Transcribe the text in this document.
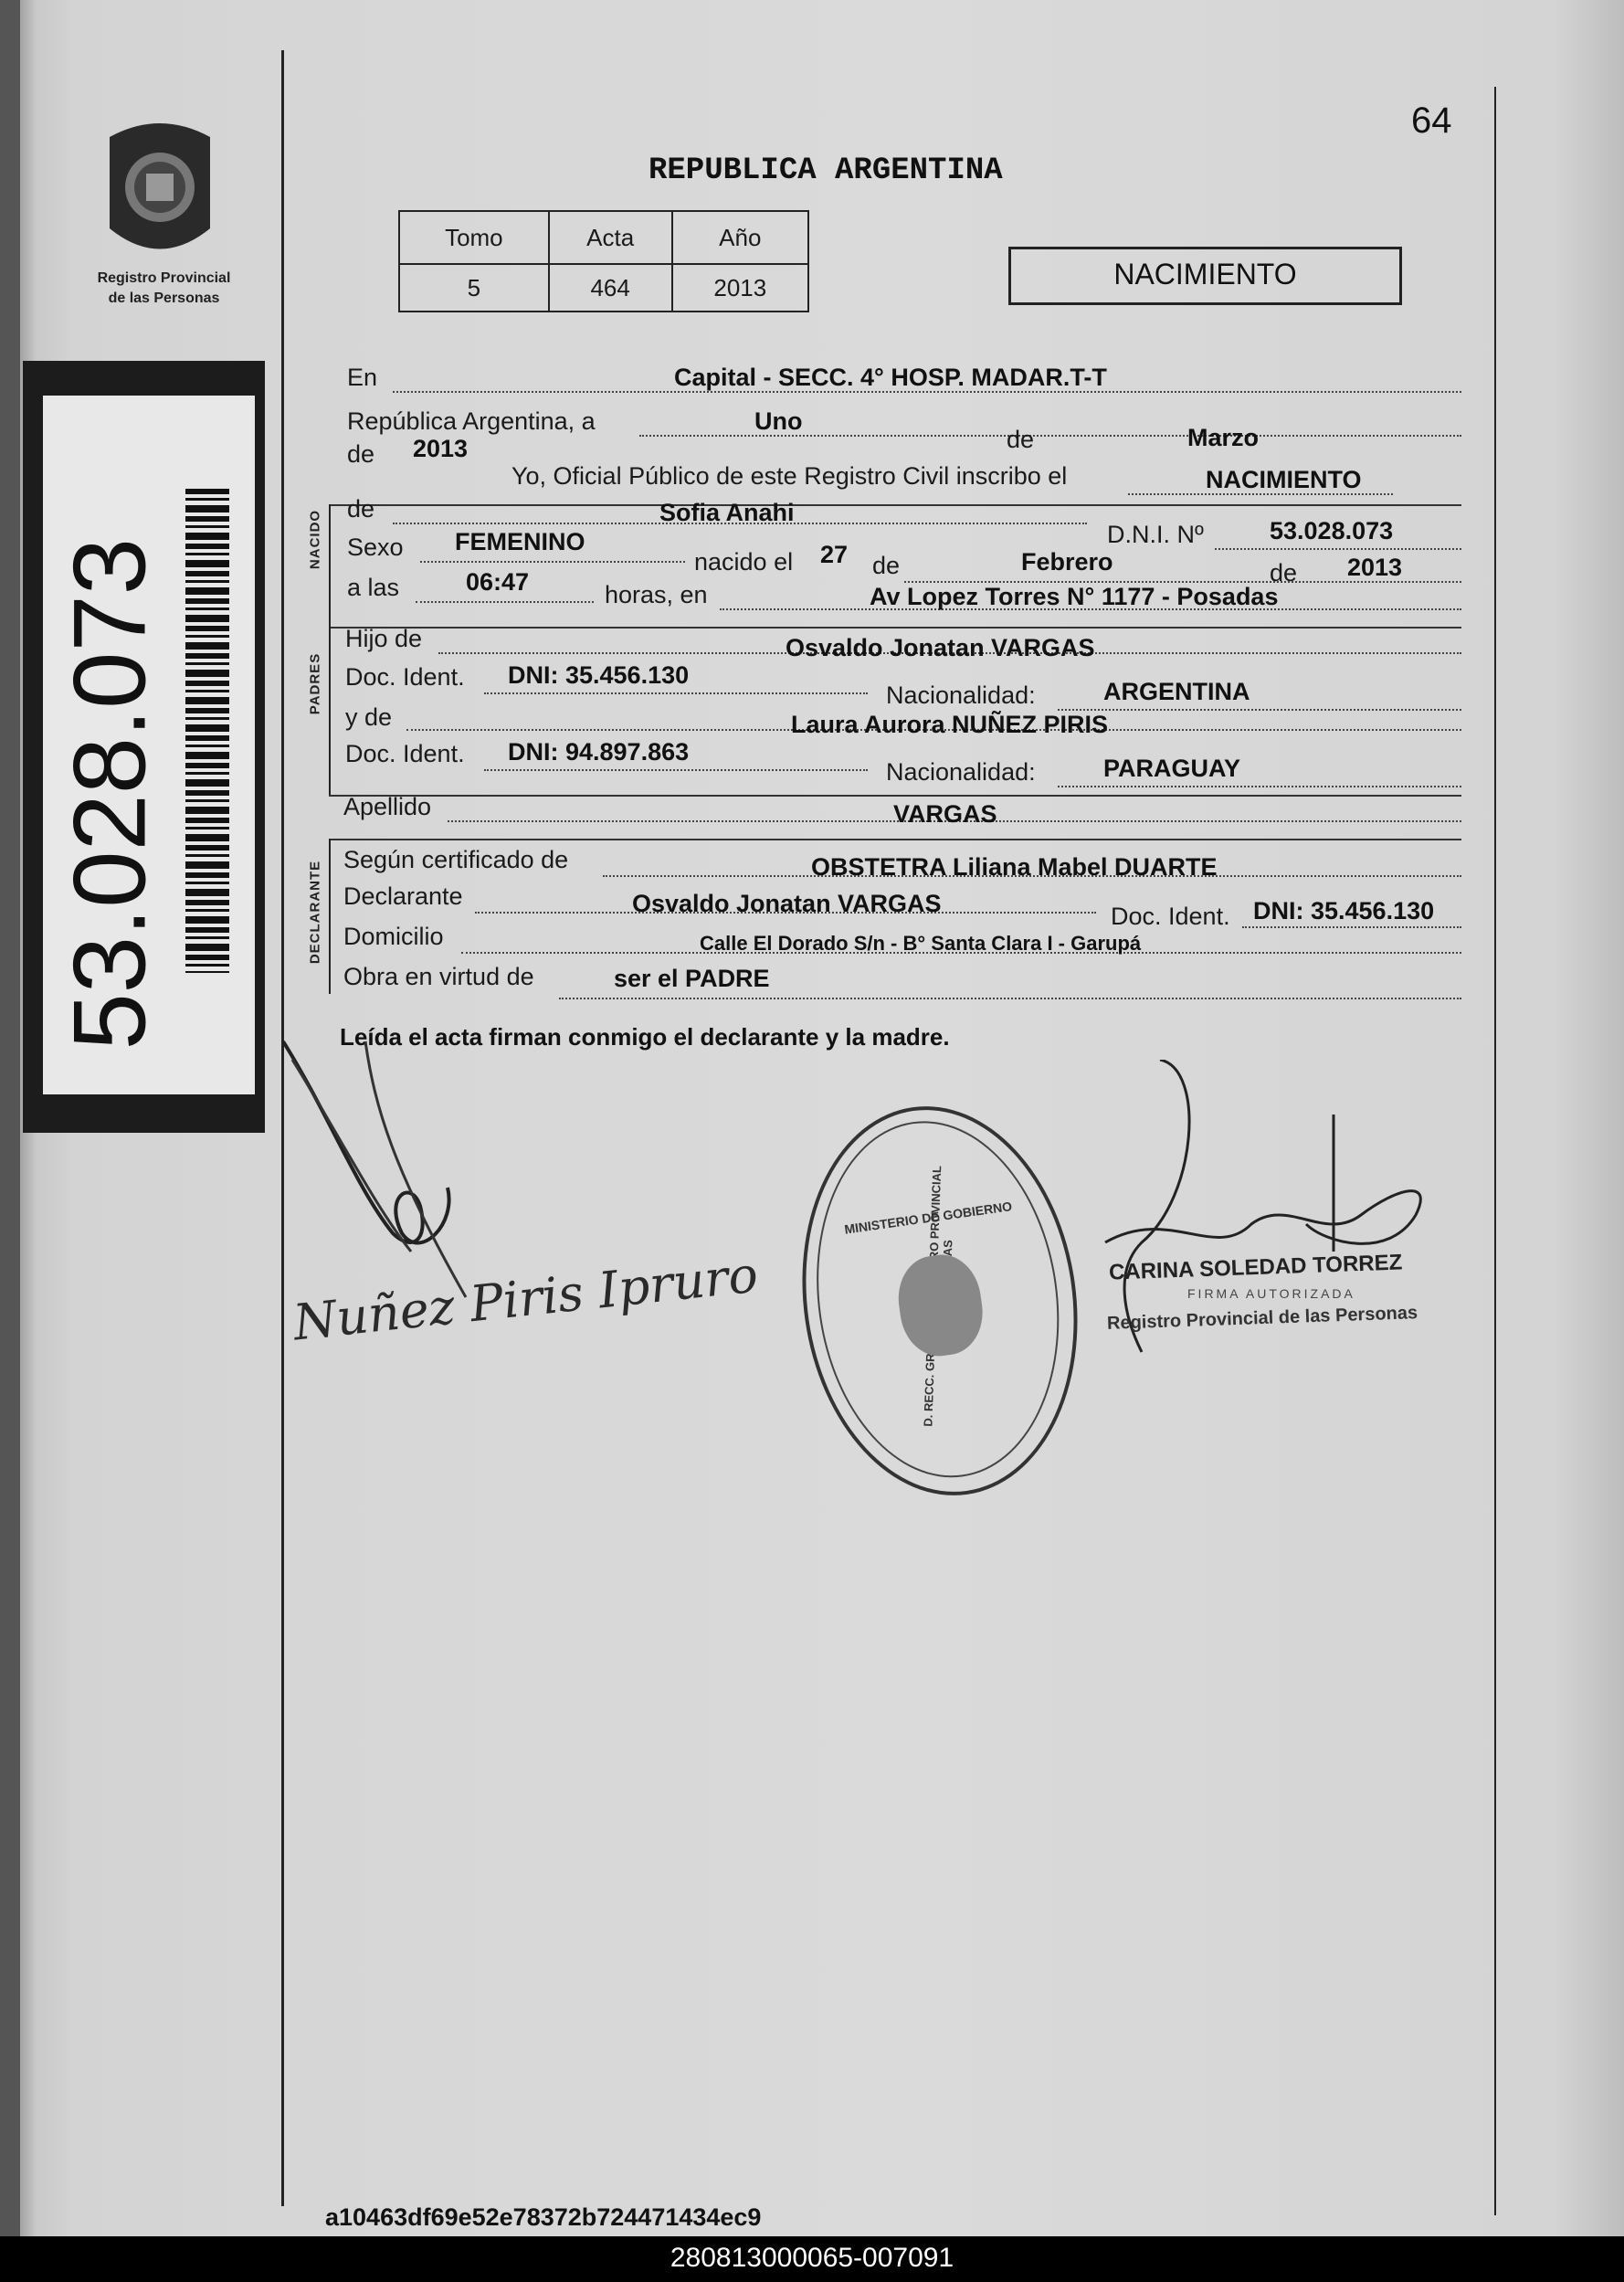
64
Registro Provincial
de las Personas
53.028.073
REPUBLICA ARGENTINA
Tomo	Acta	Año
5	464	2013	NACIMIENTO
NACIDO
PADRES
DECLARANTE
En	Capital - SECC. 4° HOSP. MADAR.T-T
República Argentina, a	Uno
de	Marzo
de 2013
Yo, Oficial Público de este Registro Civil inscribo el	NACIMIENTO
de	Sofia Anahi
D.N.I. Nº	53.028.073
Sexo FEMENINO
nacido el 27 de	Febrero	de 2013
a las	06:47	horas, en	Av Lopez Torres N° 1177 - Posadas
Hijo de	Osvaldo Jonatan VARGAS
Doc. Ident. DNI: 35.456.130
Nacionalidad:	ARGENTINA
y de	Laura Aurora NUÑEZ PIRIS
Doc. Ident. DNI: 94.897.863
Nacionalidad:	PARAGUAY
Apellido	VARGAS
Según certificado de	OBSTETRA Liliana Mabel DUARTE
Declarante	Osvaldo Jonatan VARGAS	Doc. Ident. DNI: 35.456.130
Domicilio	Calle El Dorado S/n - B° Santa Clara I - Garupá
Obra en virtud de	ser el PADRE
Leída el acta firman conmigo el declarante y la madre.
Nuñez Piris Ipruro
MINISTERIO DE GOBIERNO
CARINA SOLEDAD TORREZ
FIRMA AUTORIZADA
Registro Provincial de las Personas
a10463df69e52e78372b724471434ec9
280813000065-007091
